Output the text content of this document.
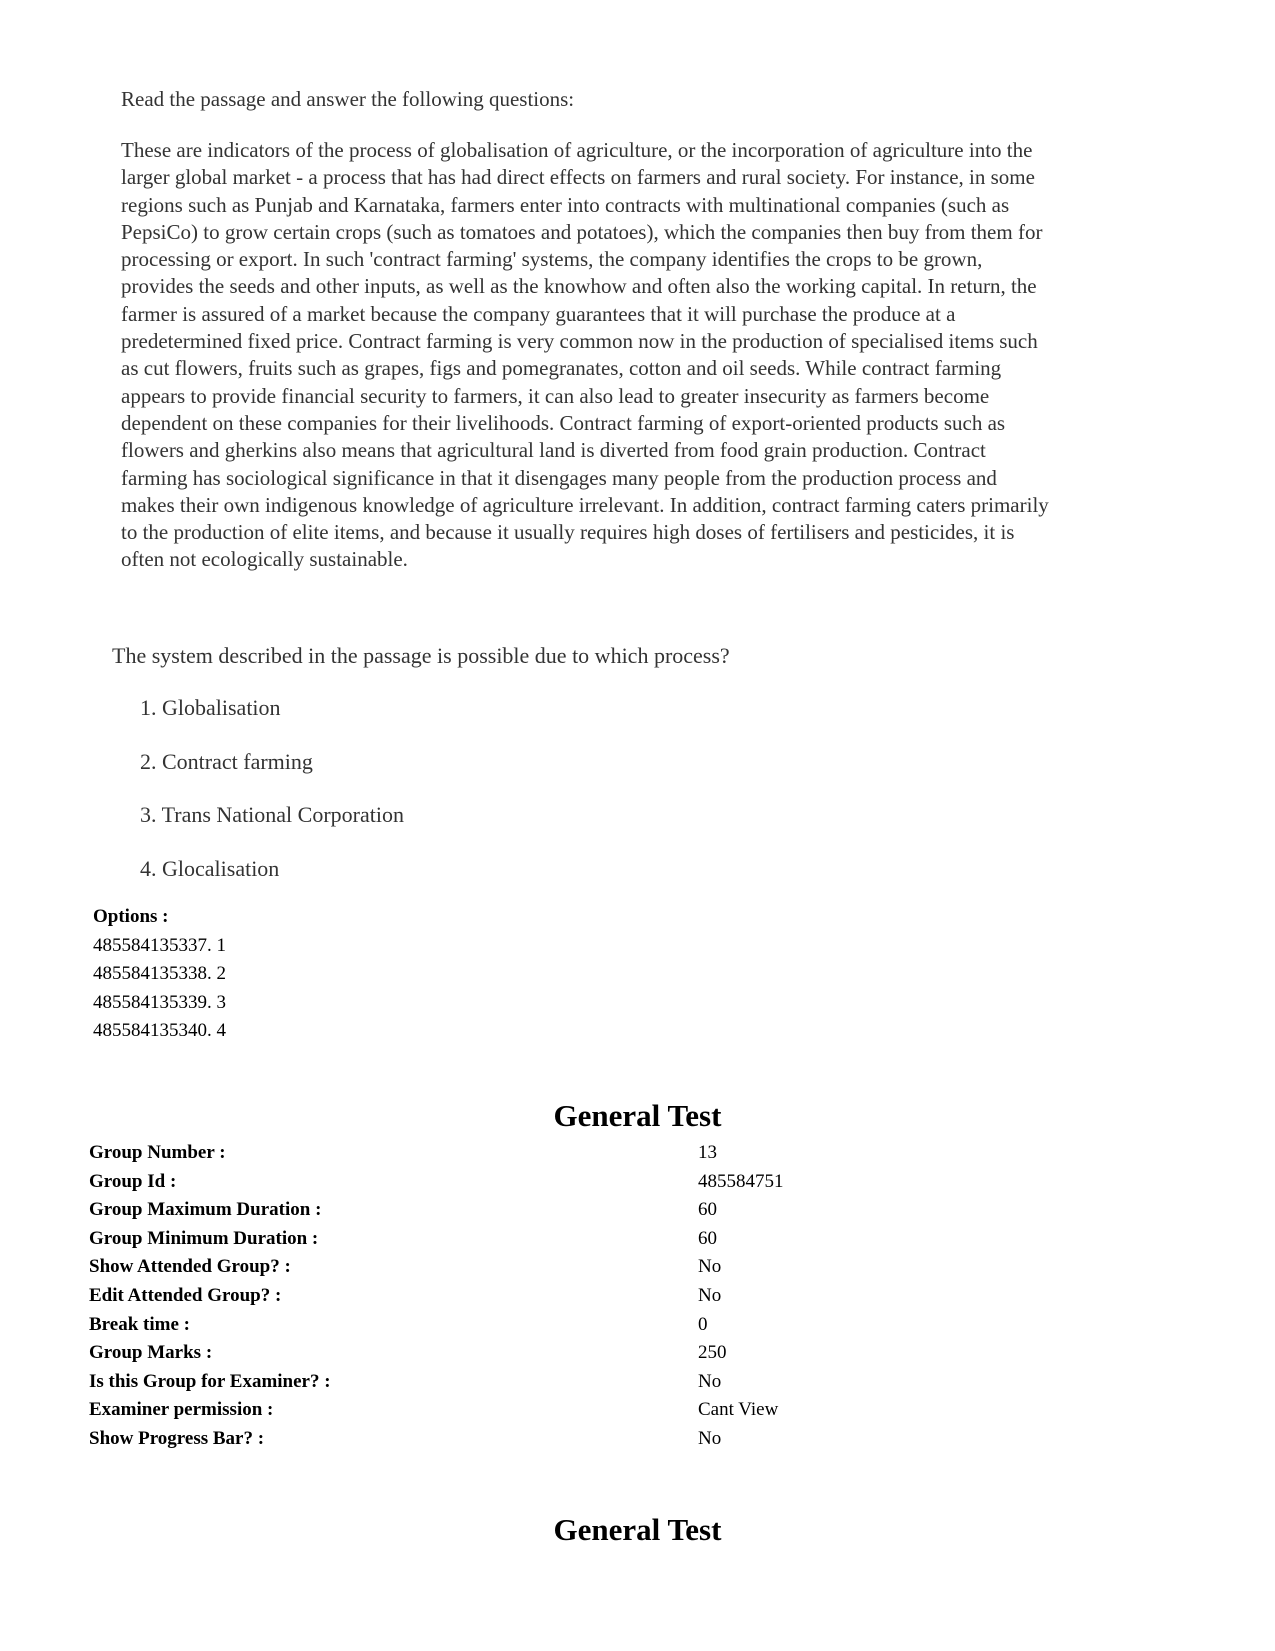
Read the passage and answer the following questions:
These are indicators of the process of globalisation of agriculture, or the incorporation of agriculture into the
larger global market - a process that has had direct effects on farmers and rural society. For instance, in some
regions such as Punjab and Karnataka, farmers enter into contracts with multinational companies (such as
PepsiCo) to grow certain crops (such as tomatoes and potatoes), which the companies then buy from them for
processing or export. In such 'contract farming' systems, the company identifies the crops to be grown,
provides the seeds and other inputs, as well as the knowhow and often also the working capital. In return, the
farmer is assured of a market because the company guarantees that it will purchase the produce at a
predetermined fixed price. Contract farming is very common now in the production of specialised items such
as cut flowers, fruits such as grapes, figs and pomegranates, cotton and oil seeds. While contract farming
appears to provide financial security to farmers, it can also lead to greater insecurity as farmers become
dependent on these companies for their livelihoods. Contract farming of export-oriented products such as
flowers and gherkins also means that agricultural land is diverted from food grain production. Contract
farming has sociological significance in that it disengages many people from the production process and
makes their own indigenous knowledge of agriculture irrelevant. In addition, contract farming caters primarily
to the production of elite items, and because it usually requires high doses of fertilisers and pesticides, it is
often not ecologically sustainable.
The system described in the passage is possible due to which process?
1. Globalisation
2. Contract farming
3. Trans National Corporation
4. Glocalisation
Options :
485584135337. 1
485584135338. 2
485584135339. 3
485584135340. 4
General Test
Group Number :	13
Group Id :	485584751
Group Maximum Duration :	60
Group Minimum Duration :	60
Show Attended Group? :	No
Edit Attended Group? :	No
Break time :	0
Group Marks :	250
Is this Group for Examiner? :	No
Examiner permission :	Cant View
Show Progress Bar? :	No
General Test
